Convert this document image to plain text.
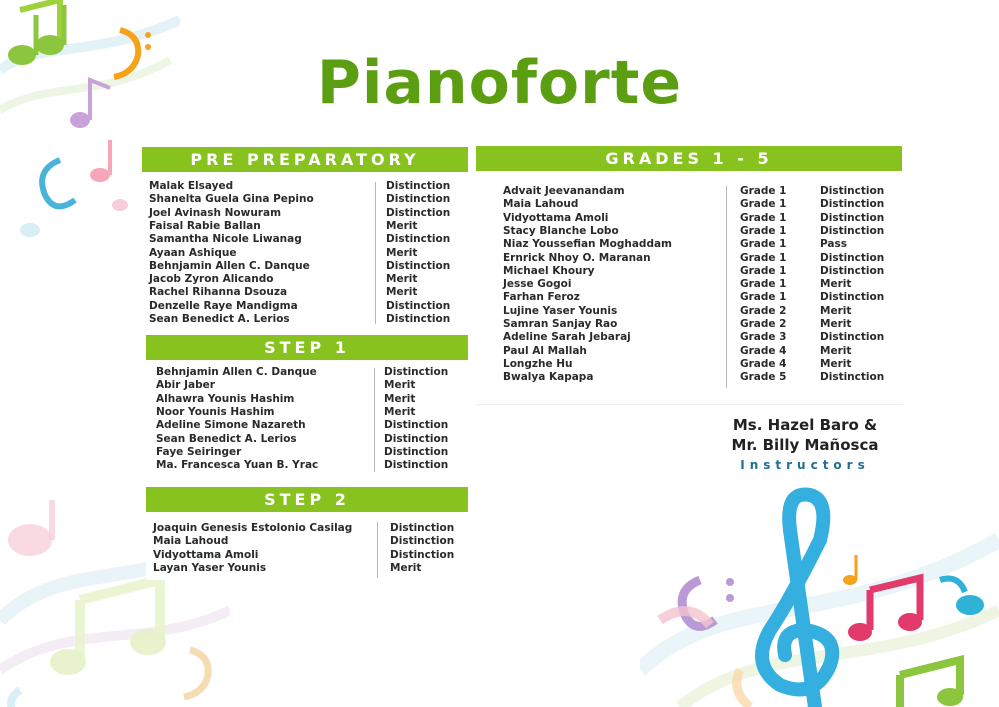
Pianoforte
PRE PREPARATORY
Malak Elsayed	Distinction
Shanelta Guela Gina Pepino	Distinction
Joel Avinash Nowuram	Distinction
Faisal Rabie Ballan	Merit
Samantha Nicole Liwanag	Distinction
Ayaan Ashique	Merit
Behnjamin Allen C. Danque	Distinction
Jacob Zyron Alicando	Merit
Rachel Rihanna Dsouza	Merit
Denzelle Raye Mandigma	Distinction
Sean Benedict A. Lerios	Distinction
STEP 1
Behnjamin Allen C. Danque	Distinction
Abir Jaber	Merit
Alhawra Younis Hashim	Merit
Noor Younis Hashim	Merit
Adeline Simone Nazareth	Distinction
Sean Benedict A. Lerios	Distinction
Faye Seiringer	Distinction
Ma. Francesca Yuan B. Yrac	Distinction
STEP 2
Joaquin Genesis Estolonio Casilag	Distinction
Maia Lahoud	Distinction
Vidyottama Amoli	Distinction
Layan Yaser Younis	Merit
GRADES 1 - 5
Advait Jeevanandam	Grade 1	Distinction
Maia Lahoud	Grade 1	Distinction
Vidyottama Amoli	Grade 1	Distinction
Stacy Blanche Lobo	Grade 1	Distinction
Niaz Youssefian Moghaddam	Grade 1	Pass
Ernrick Nhoy O. Maranan	Grade 1	Distinction
Michael Khoury	Grade 1	Distinction
Jesse Gogoi	Grade 1	Merit
Farhan Feroz	Grade 1	Distinction
Lujine Yaser Younis	Grade 2	Merit
Samran Sanjay Rao	Grade 2	Merit
Adeline Sarah Jebaraj	Grade 3	Distinction
Paul Al Mallah	Grade 4	Merit
Longzhe Hu	Grade 4	Merit
Bwalya Kapapa	Grade 5	Distinction
Ms. Hazel Baro &
Mr. Billy Mañosca
Instructors
